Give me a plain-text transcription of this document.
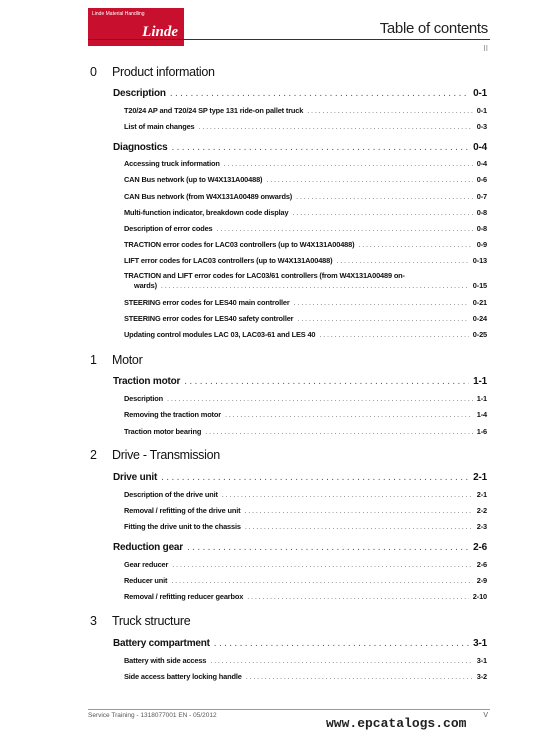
Linde Material Handling
Linde	Table of contents
II
0 Product information
Description . . .	0-1
T20/24 AP and T20/24 SP type 131 ride-on pallet truck . . .	0-1
List of main changes . . .	0-3
Diagnostics . . .	0-4
Accessing truck information . . .	0-4
CAN Bus network (up to W4X131A00488) . . .	0-6
CAN Bus network (from W4X131A00489 onwards) . . .	0-7
Multi-function indicator, breakdown code display . . .	0-8
Description of error codes . . .	0-8
TRACTION error codes for LAC03 controllers (up to W4X131A00488) . . .	0-9
LIFT error codes for LAC03 controllers (up to W4X131A00488) . . .	0-13
TRACTION and LIFT error codes for LAC03/61 controllers (from W4X131A00489 on-
wards) . . .	0-15
STEERING error codes for LES40 main controller . . .	0-21
STEERING error codes for LES40 safety controller . . .	0-24
Updating control modules LAC 03, LAC03-61 and LES 40 . . .	0-25
1 Motor
Traction motor . . .	1-1
Description . . .	1-1
Removing the traction motor . . .	1-4
Traction motor bearing . . .	1-6
2 Drive - Transmission
Drive unit . . .	2-1
Description of the drive unit . . .	2-1
Removal / refitting of the drive unit . . .	2-2
Fitting the drive unit to the chassis . . .	2-3
Reduction gear . . .	2-6
Gear reducer . . .	2-6
Reducer unit . . .	2-9
Removal / refitting reducer gearbox . . .	2-10
3 Truck structure
Battery compartment . . .	3-1
Battery with side access . . .	3-1
Side access battery locking handle . . .	3-2
Service Training - 1318077001 EN - 05/2012
www.epcatalogs.com
V
